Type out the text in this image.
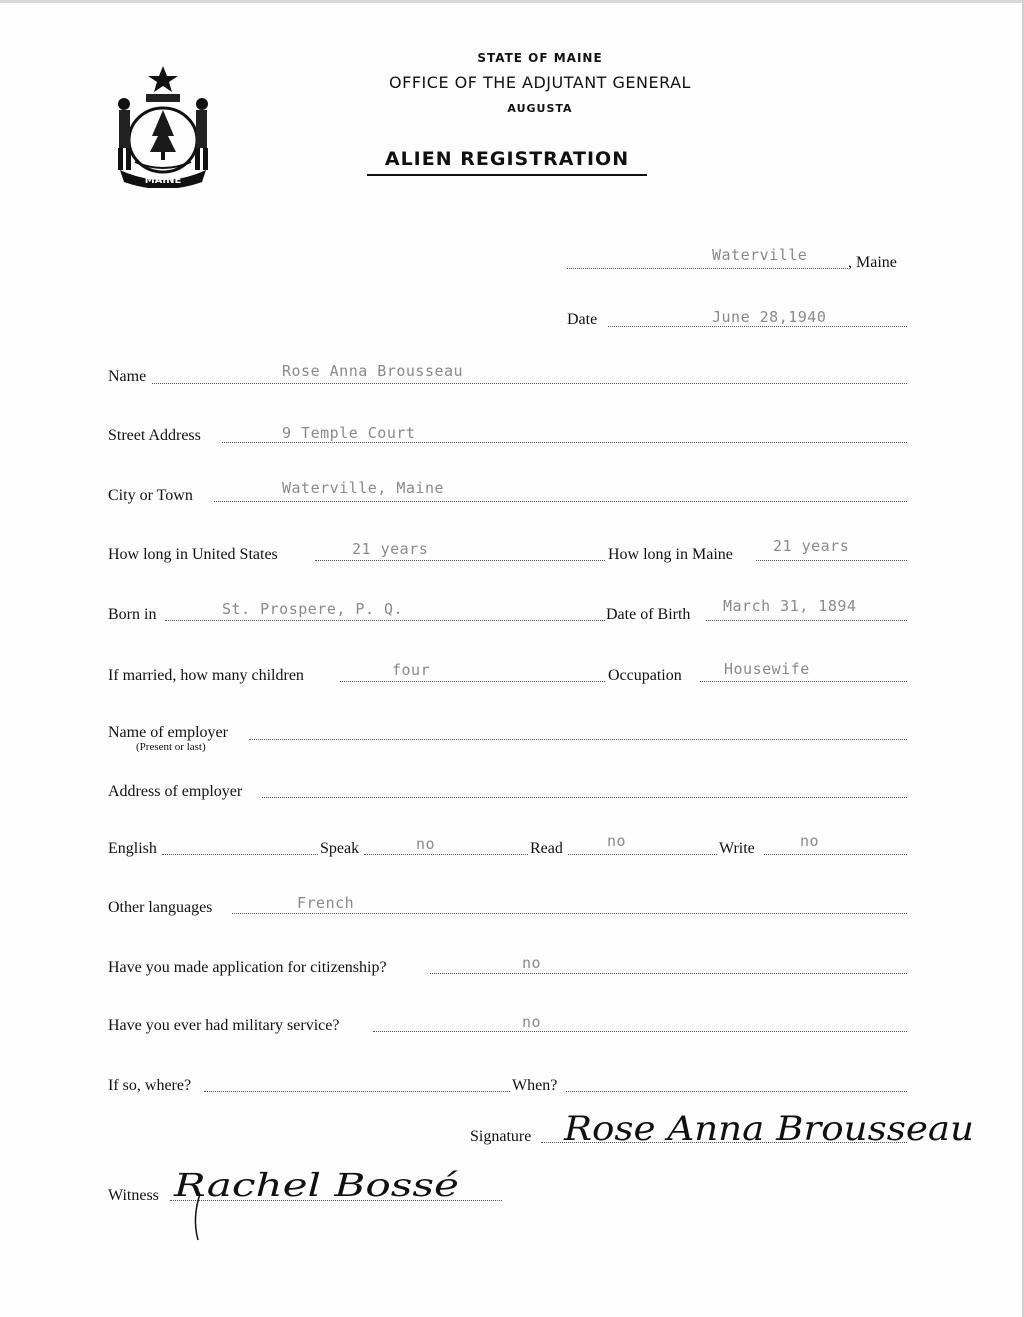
MAINE
STATE OF MAINE
OFFICE OF THE ADJUTANT GENERAL
AUGUSTA
ALIEN REGISTRATION
Waterville	, Maine
Date	June 28,1940
Name	Rose Anna Brousseau
Street Address	9 Temple Court
City or Town	Waterville, Maine
How long in United States	21 years	How long in Maine	21 years
Born in	St. Prospere, P. Q.	Date of Birth March 31, 1894
If married, how many children	four	Occupation	Housewife
Name of employer
(Present or last)
Address of employer
English	Speak	no	Read	no	Write	no
Other languages	French
Have you made application for citizenship?	no
Have you ever had military service?	no
If so, where?	When?
Signature Rose Anna Brousseau
Witness Rachel Bossé
